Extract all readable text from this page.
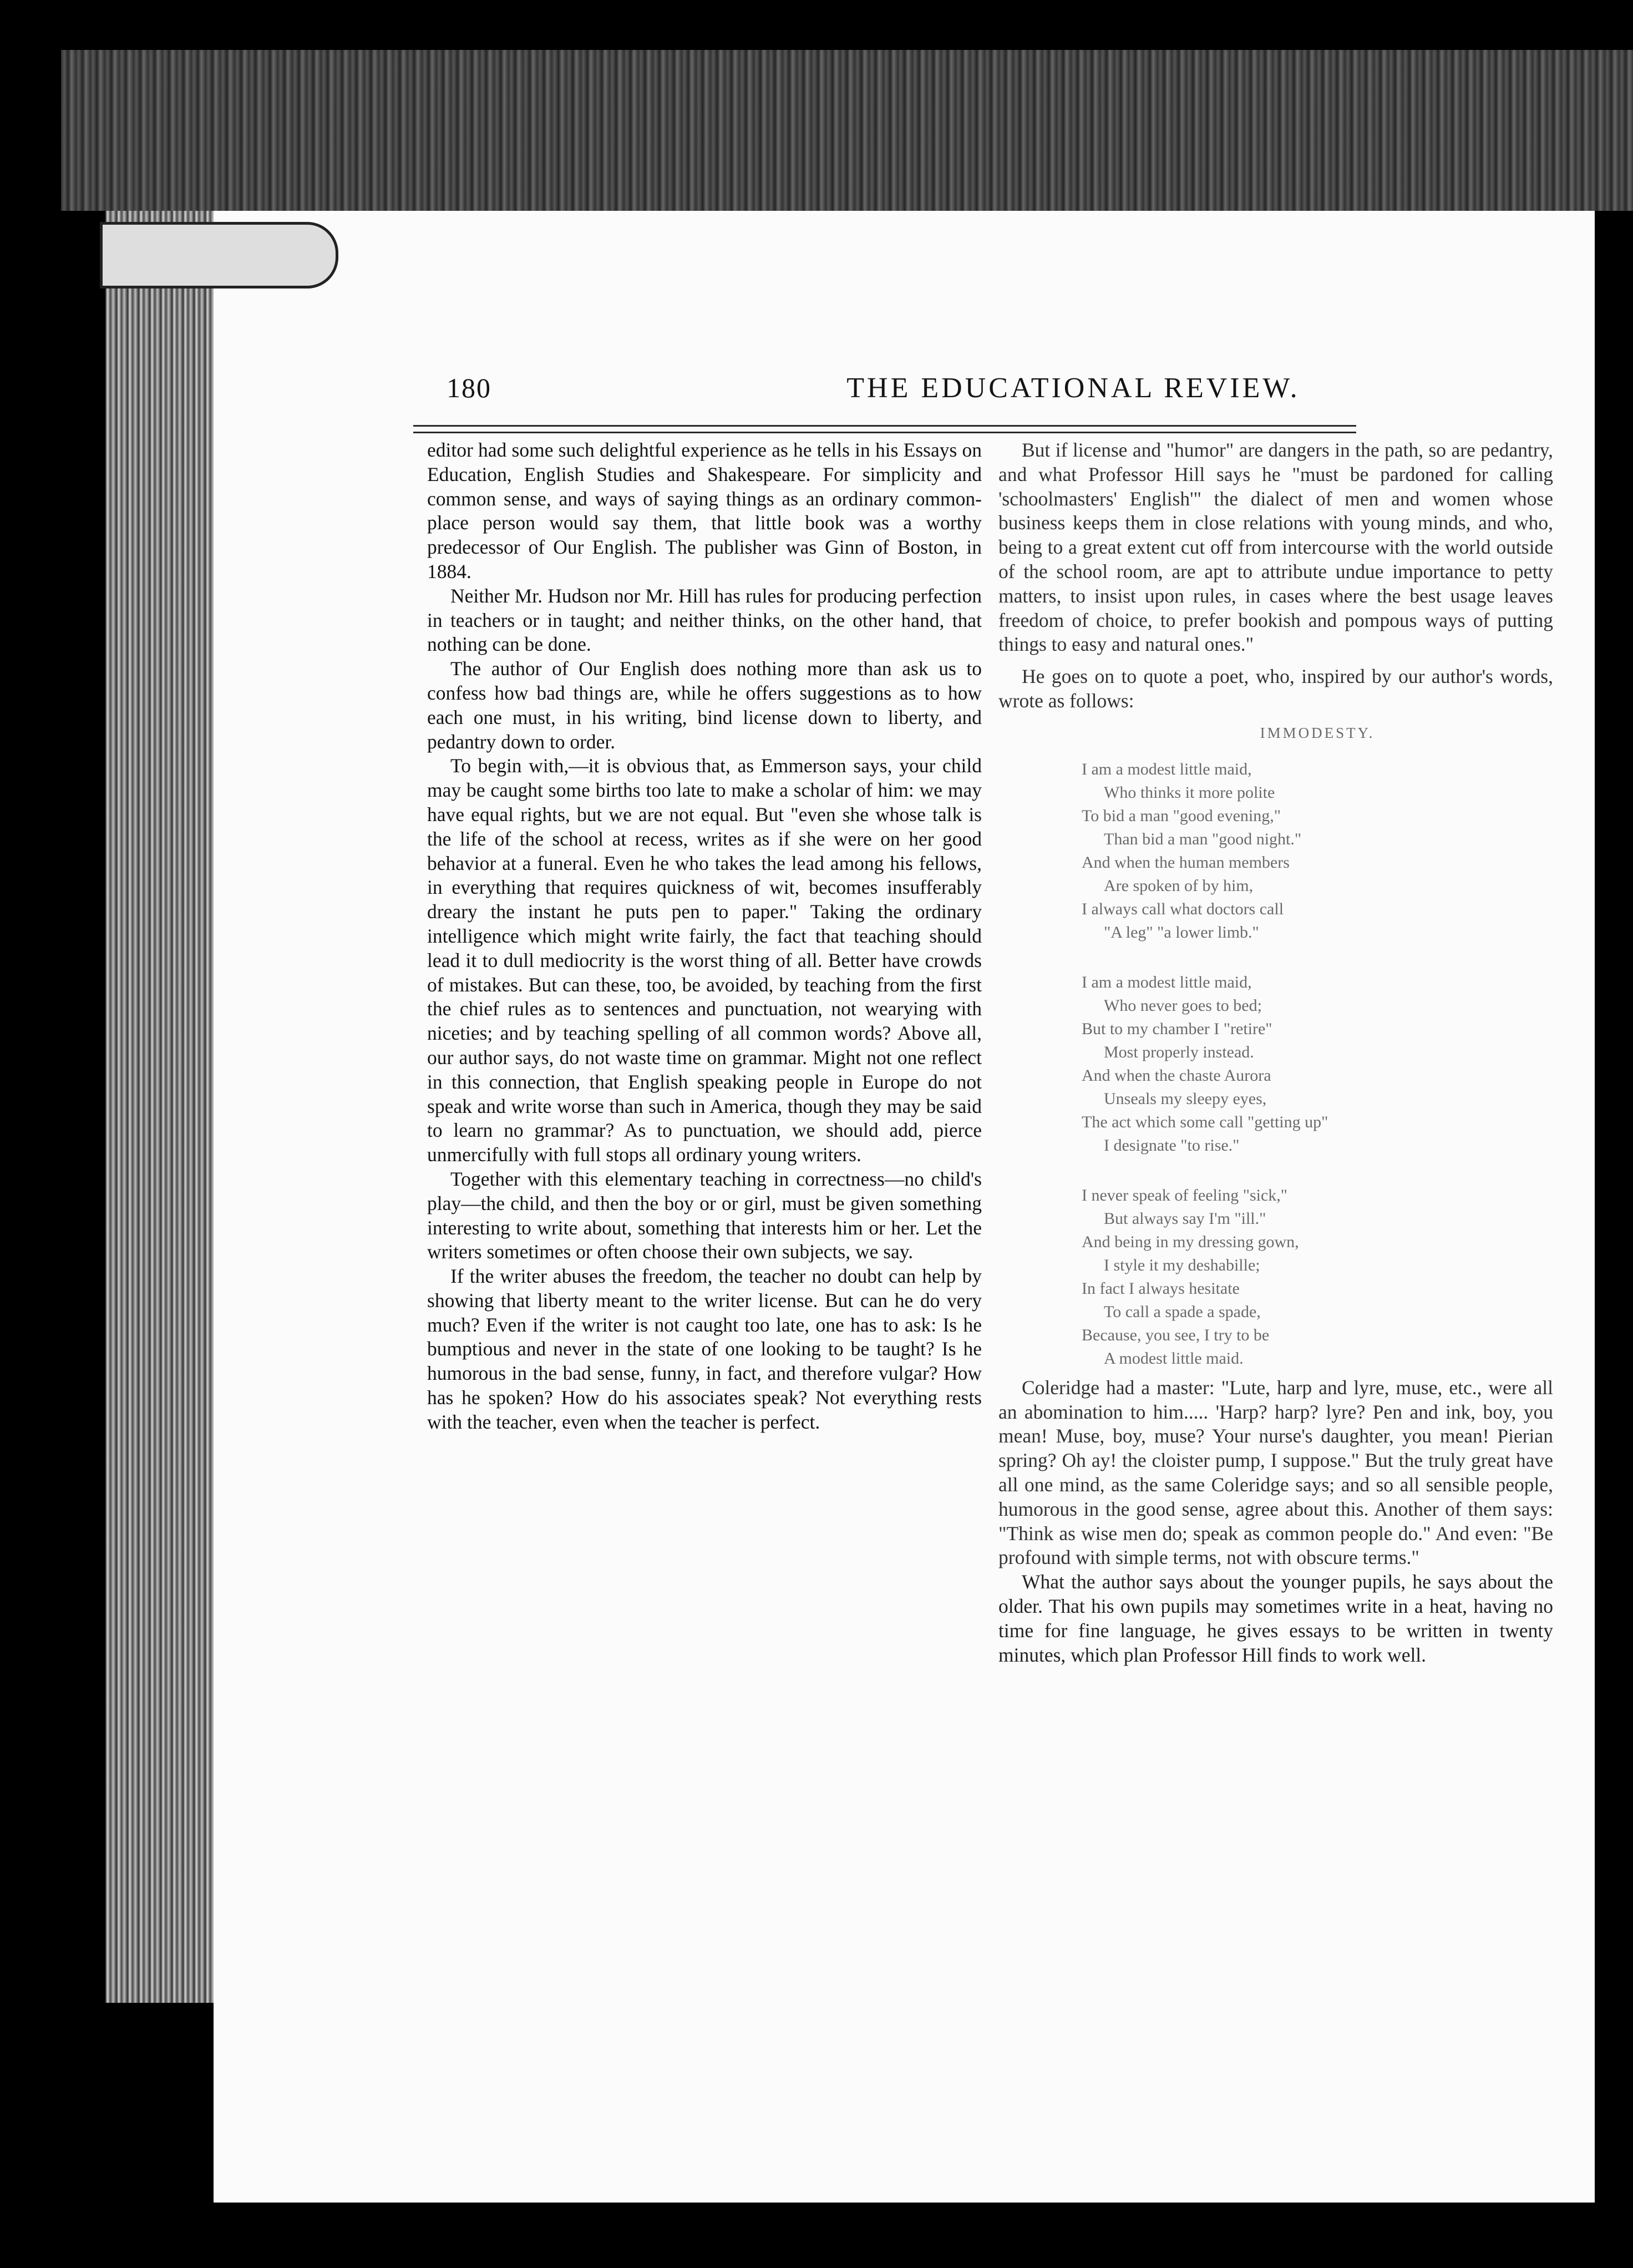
180	THE EDUCATIONAL REVIEW.

editor had some such delightful experience as he tells in his Essays on Education, English Studies and Shakespeare. For simplicity and common sense, and ways of saying things as an ordinary common-place person would say them, that little book was a worthy predecessor of Our English. The publisher was Ginn of Boston, in 1884.

Neither Mr. Hudson nor Mr. Hill has rules for producing perfection in teachers or in taught; and neither thinks, on the other hand, that nothing can be done.

The author of Our English does nothing more than ask us to confess how bad things are, while he offers suggestions as to how each one must, in his writing, bind license down to liberty, and pedantry down to order.

To begin with,—it is obvious that, as Emmerson says, your child may be caught some births too late to make a scholar of him: we may have equal rights, but we are not equal. But "even she whose talk is the life of the school at recess, writes as if she were on her good behavior at a funeral. Even he who takes the lead among his fellows, in everything that requires quickness of wit, becomes insufferably dreary the instant he puts pen to paper." Taking the ordinary intelligence which might write fairly, the fact that teaching should lead it to dull mediocrity is the worst thing of all. Better have crowds of mistakes. But can these, too, be avoided, by teaching from the first the chief rules as to sentences and punctuation, not wearying with niceties; and by teaching spelling of all common words? Above all, our author says, do not waste time on grammar. Might not one reflect in this connection, that English speaking people in Europe do not speak and write worse than such in America, though they may be said to learn no grammar? As to punctuation, we should add, pierce unmercifully with full stops all ordinary young writers.

Together with this elementary teaching in correctness—no child's play—the child, and then the boy or or girl, must be given something interesting to write about, something that interests him or her. Let the writers sometimes or often choose their own subjects, we say.

If the writer abuses the freedom, the teacher no doubt can help by showing that liberty meant to the writer license. But can he do very much? Even if the writer is not caught too late, one has to ask: Is he bumptious and never in the state of one looking to be taught? Is he humorous in the bad sense, funny, in fact, and therefore vulgar? How has he spoken? How do his associates speak? Not everything rests with the teacher, even when the teacher is perfect.

But if license and "humor" are dangers in the path, so are pedantry, and what Professor Hill says he "must be pardoned for calling 'schoolmasters' English'" the dialect of men and women whose business keeps them in close relations with young minds, and who, being to a great extent cut off from intercourse with the world outside of the school room, are apt to attribute undue importance to petty matters, to insist upon rules, in cases where the best usage leaves freedom of choice, to prefer bookish and pompous ways of putting things to easy and natural ones."

He goes on to quote a poet, who, inspired by our author's words, wrote as follows:

IMMODESTY.
I am a modest little maid,
Who thinks it more polite
To bid a man "good evening,"
Than bid a man "good night."
And when the human members
Are spoken of by him,
I always call what doctors call
"A leg" "a lower limb."
I am a modest little maid,
Who never goes to bed;
But to my chamber I "retire"
Most properly instead.
And when the chaste Aurora
Unseals my sleepy eyes,
The act which some call "getting up"
I designate "to rise."
I never speak of feeling "sick,"
But always say I'm "ill."
And being in my dressing gown,
I style it my deshabille;
In fact I always hesitate
To call a spade a spade,
Because, you see, I try to be
A modest little maid.

Coleridge had a master: "Lute, harp and lyre, muse, etc., were all an abomination to him..... 'Harp? harp? lyre? Pen and ink, boy, you mean! Muse, boy, muse? Your nurse's daughter, you mean! Pierian spring? Oh ay! the cloister pump, I suppose." But the truly great have all one mind, as the same Coleridge says; and so all sensible people, humorous in the good sense, agree about this. Another of them says: "Think as wise men do; speak as common people do." And even: "Be profound with simple terms, not with obscure terms."

What the author says about the younger pupils, he says about the older. That his own pupils may sometimes write in a heat, having no time for fine language, he gives essays to be written in twenty minutes, which plan Professor Hill finds to work well.
